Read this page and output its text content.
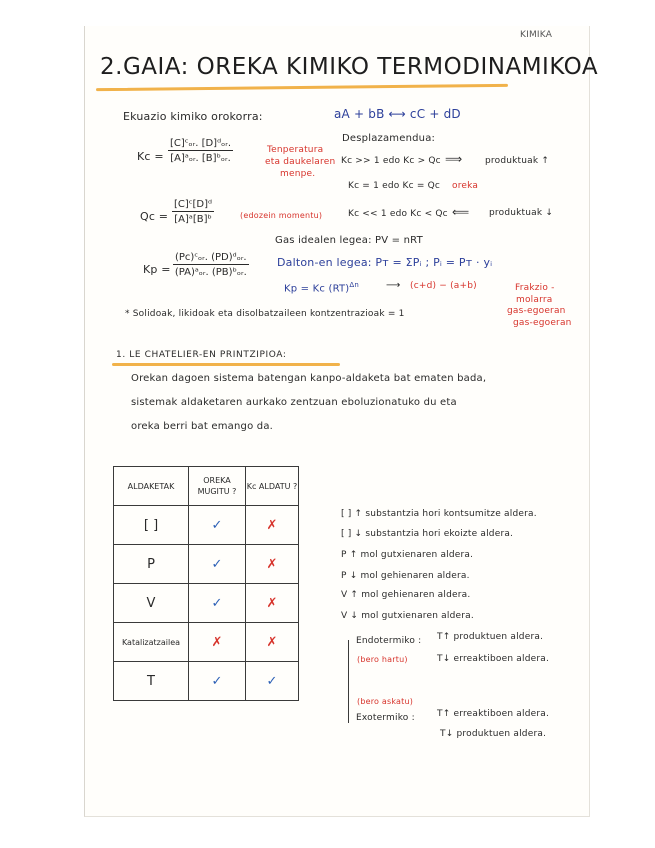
KIMIKA
2.GAIA: OREKA KIMIKO TERMODINAMIKOA
Ekuazio kimiko orokorra:	aA + bB ⟷ cC + dD
Kc =
[C]ᶜₒᵣ. [D]ᵈₒᵣ.
[A]ᵃₒᵣ. [B]ᵇₒᵣ.
Tenperatura
eta daukelaren
menpe.
Desplazamendua:
Kc >> 1 edo Kc > Qc ⟹	produktuak ↑
Kc = 1 edo Kc = Qc oreka
Kc << 1 edo Kc < Qc ⟸ produktuak ↓
$Qc = \frac{\text{[C]ᶜ[D]ᵈ}}{\text{[A]ᵃ[B]ᵇ}}$	(edozein momentu)
Gas idealen legea: PV = nRT
Dalton-en legea: Pᴛ = ΣPᵢ ; Pᵢ = Pᴛ · yᵢ
Kp =
(Pc)ᶜₒᵣ. (PD)ᵈₒᵣ.
(PA)ᵃₒᵣ. (PB)ᵇₒᵣ.
Kp = Kc (RT)$^{\Delta n}$	⟶ (c+d) − (a+b)	Frakzio -
molarra
gas-egoeran
* Solidoak, likidoak eta disolbatzaileen kontzentrazioak = 1	gas-egoeran
1. LE CHATELIER-EN PRINTZIPIOA:
Orekan dagoen sistema batengan kanpo-aldaketa bat ematen bada,
sistemak aldaketaren aurkako zentzuan eboluzionatuko du eta
oreka berri bat emango da.
ALDAKETAK	OREKA MUGITU ?	Kc ALDATU ?
[ ]	✓	✗
P	✓	✗
V	✓	✗
Katalizatzailea	✗	✗
T	✓	✓
[ ] ↑ substantzia hori kontsumitze aldera.
[ ] ↓ substantzia hori ekoizte aldera.
P ↑ mol gutxienaren aldera.
P ↓ mol gehienaren aldera.
V ↑ mol gehienaren aldera.
V ↓ mol gutxienaren aldera.
Endotermiko :
(bero hartu)
T↑ produktuen aldera.
T↓ erreaktiboen aldera.
(bero askatu)
Exotermiko : T↑ erreaktiboen aldera.
T↓ produktuen aldera.
